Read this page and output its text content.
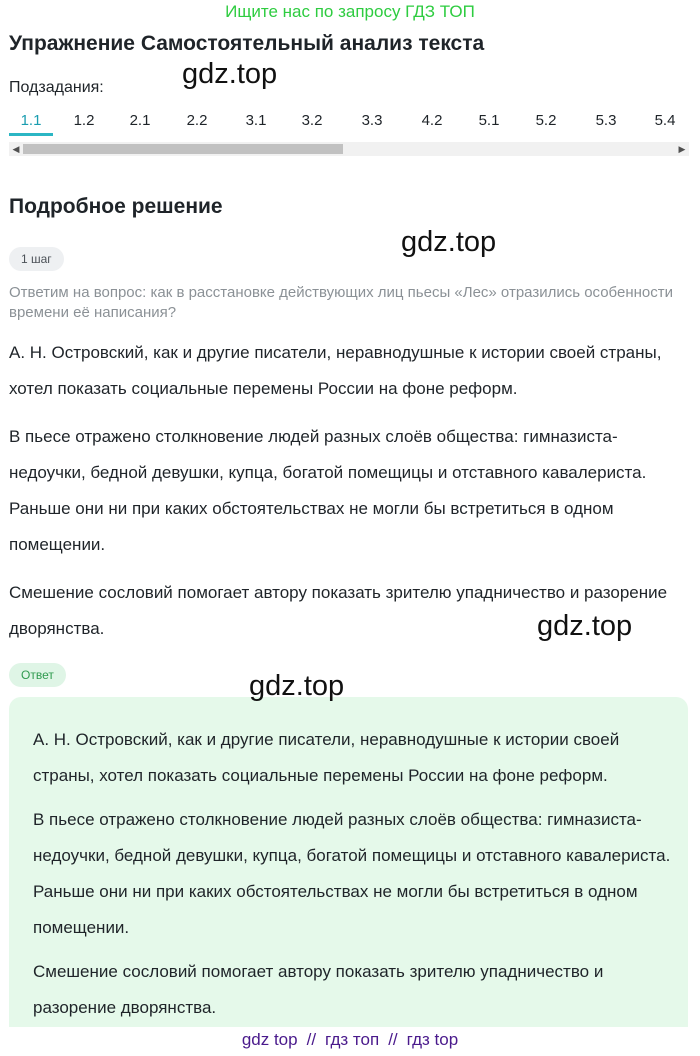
Ищите нас по запросу ГДЗ ТОП
Упражнение Самостоятельный анализ текста
gdz.top
Подзадания:
1.1	1.2	2.1	2.2	3.1	3.2	3.3	4.2	5.1	5.2	5.3	5.4
◀	▶
Подробное решение
gdz.top
1 шаг
Ответим на вопрос: как в расстановке действующих лиц пьесы «Лес» отразились особенности времени её написания?

А. Н. Островский, как и другие писатели, неравнодушные к истории своей страны, хотел показать социальные перемены России на фоне реформ.

В пьесе отражено столкновение людей разных слоёв общества: гимназиста-недоучки, бедной девушки, купца, богатой помещицы и отставного кавалериста. Раньше они ни при каких обстоятельствах не могли бы встретиться в одном помещении.

Смешение сословий помогает автору показать зрителю упадничество и разорение дворянства.	gdz.top
Ответ

А. Н. Островский, как и другие писатели, неравнодушные к истории своей страны, хотел показать социальные перемены России на фоне реформ.

В пьесе отражено столкновение людей разных слоёв общества: гимназиста-недоучки, бедной девушки, купца, богатой помещицы и отставного кавалериста. Раньше они ни при каких обстоятельствах не могли бы встретиться в одном помещении.

Смешение сословий помогает автору показать зрителю упадничество и разорение дворянства.

gdz.top
gdz top // гдз топ // гдз top
